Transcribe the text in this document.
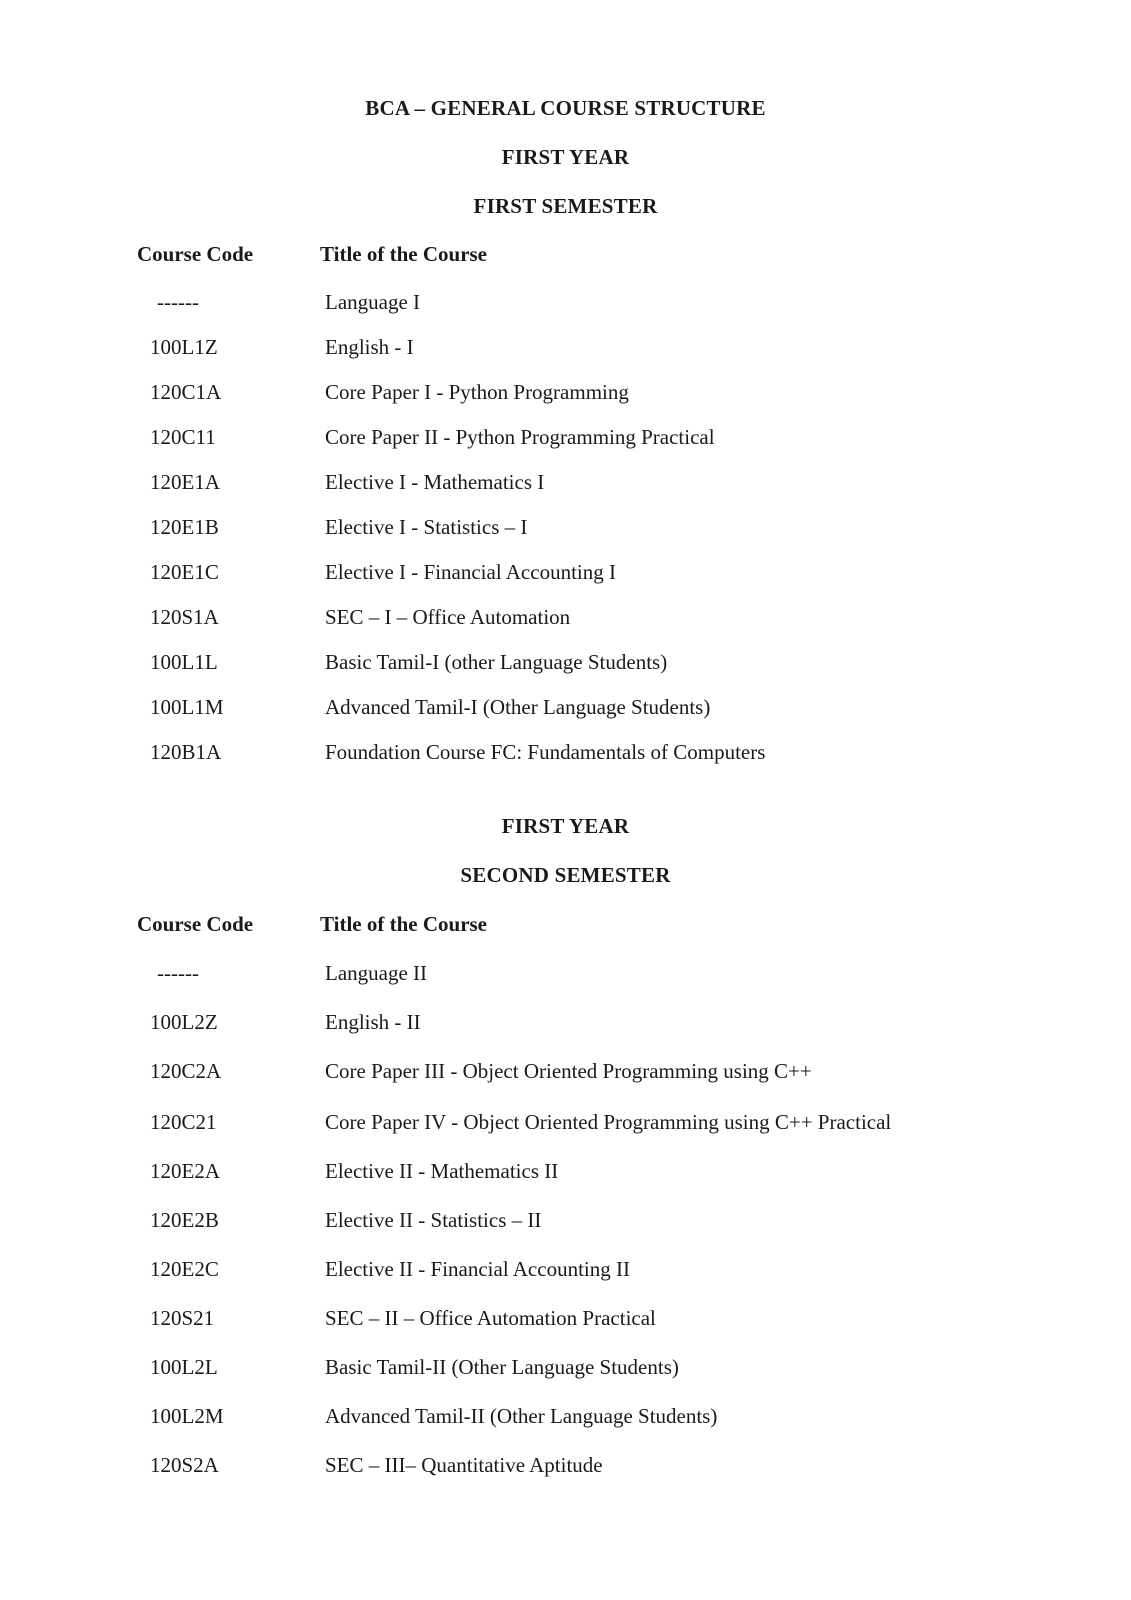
BCA – GENERAL COURSE STRUCTURE
FIRST YEAR
FIRST SEMESTER
Course Code	Title of the Course
------	Language I
100L1Z	English - I
120C1A	Core Paper I - Python Programming
120C11	Core Paper II - Python Programming Practical
120E1A	Elective I - Mathematics I
120E1B	Elective I - Statistics – I
120E1C	Elective I - Financial Accounting I
120S1A	SEC – I – Office Automation
100L1L	Basic Tamil-I (other Language Students)
100L1M	Advanced Tamil-I (Other Language Students)
120B1A	Foundation Course FC: Fundamentals of Computers
FIRST YEAR
SECOND SEMESTER
Course Code	Title of the Course
------	Language II
100L2Z	English - II
120C2A	Core Paper III - Object Oriented Programming using C++
120C21	Core Paper IV - Object Oriented Programming using C++ Practical
120E2A	Elective II - Mathematics II
120E2B	Elective II - Statistics – II
120E2C	Elective II - Financial Accounting II
120S21	SEC – II – Office Automation Practical
100L2L	Basic Tamil-II (Other Language Students)
100L2M	Advanced Tamil-II (Other Language Students)
120S2A	SEC – III– Quantitative Aptitude
